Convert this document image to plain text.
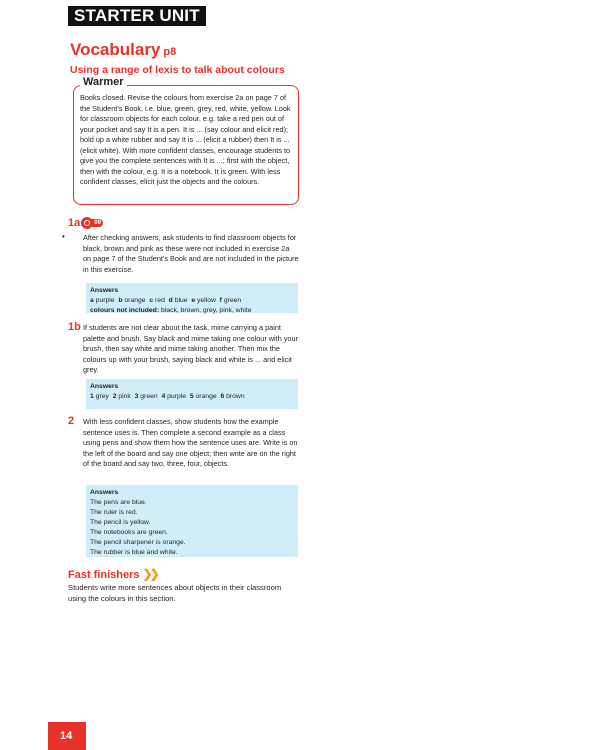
STARTER UNIT
Vocabulary p8
Using a range of lexis to talk about colours
Warmer
Books closed. Revise the colours from exercise 2a on page 7 of the Student's Book, i.e. blue, green, grey, red, white, yellow. Look for classroom objects for each colour, e.g. take a red pen out of your pocket and say It is a pen. It is ... (say colour and elicit red); hold up a white rubber and say It is ... (elicit a rubber) then It is ... (elicit white). With more confident classes, encourage students to give you the complete sentences with It is ...; first with the object, then with the colour, e.g. It is a notebook. It is green. With less confident classes, elicit just the objects and the colours.
1a 09
• After checking answers, ask students to find classroom objects for black, brown and pink as these were not included in exercise 2a on page 7 of the Student's Book and are not included in the picture in this exercise.
Answers
a purple b orange c red d blue e yellow f green
colours not included: black, brown, grey, pink, white
1b If students are not clear about the task, mime carrying a paint palette and brush. Say black and mime taking one colour with your brush, then say white and mime taking another. Then mix the colours up with your brush, saying black and white is ... and elicit grey.
Answers
1 grey 2 pink 3 green 4 purple 5 orange 6 brown
2 With less confident classes, show students how the example sentence uses is. Then complete a second example as a class using pens and show them how the sentence uses are. Write is on the left of the board and say one object; then write are on the right of the board and say two, three, four, objects.
Answers
The pens are blue.
The ruler is red.
The pencil is yellow.
The notebooks are green.
The pencil sharpener is orange.
The rubber is blue and white.
Fast finishers ❯❯
Students write more sentences about objects in their classroom using the colours in this section.
14
